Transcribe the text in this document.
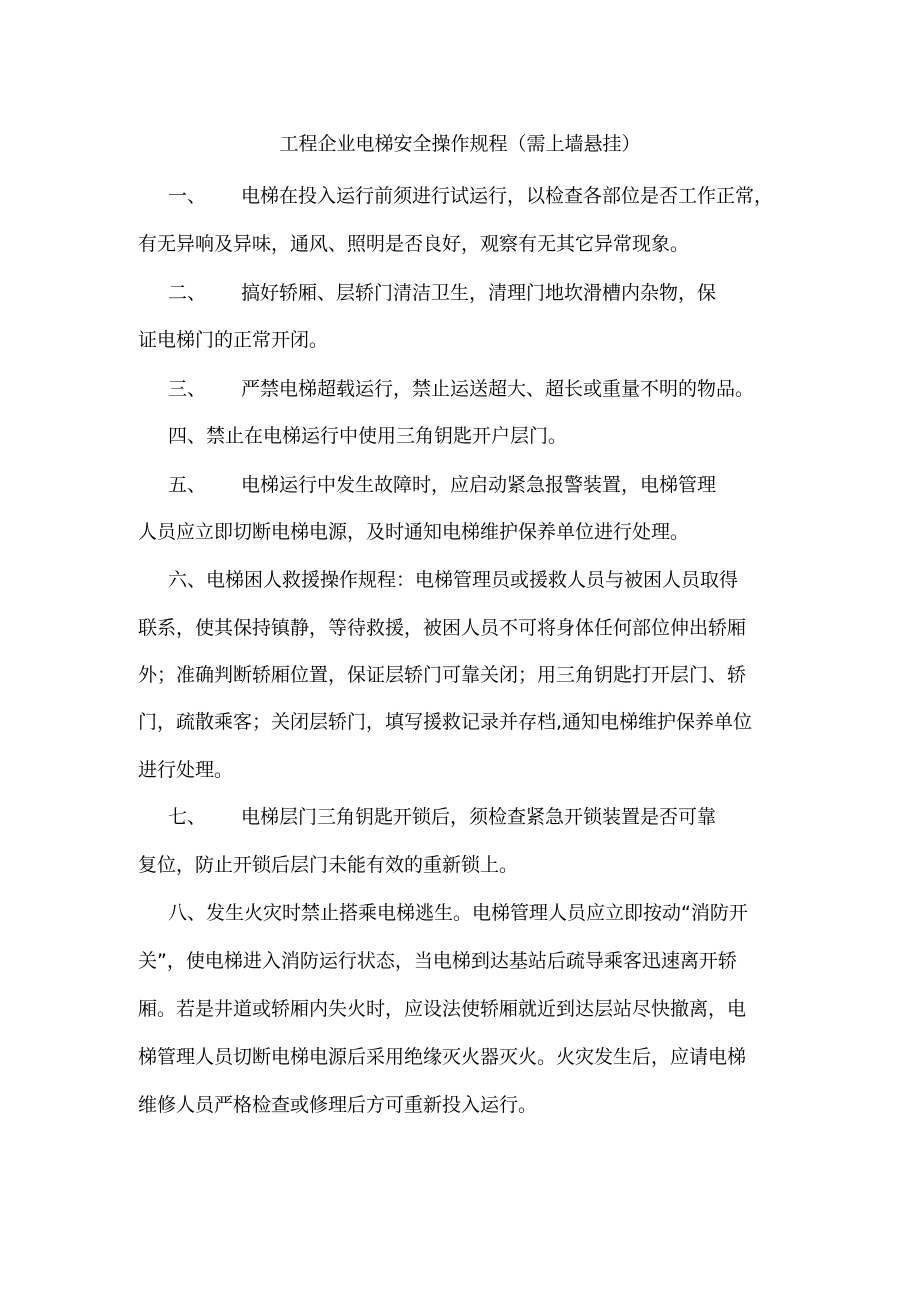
工程企业电梯安全操作规程（需上墙悬挂）
一、 电梯在投入运行前须进行试运行，以检查各部位是否工作正常，
有无异响及异味，通风、照明是否良好，观察有无其它异常现象。
二、 搞好轿厢、层轿门清洁卫生，清理门地坎滑槽内杂物，保
证电梯门的正常开闭。
三、 严禁电梯超载运行，禁止运送超大、超长或重量不明的物品。
四、禁止在电梯运行中使用三角钥匙开户层门。
五、 电梯运行中发生故障时，应启动紧急报警装置，电梯管理
人员应立即切断电梯电源，及时通知电梯维护保养单位进行处理。
六、电梯困人救援操作规程：电梯管理员或援救人员与被困人员取得
联系，使其保持镇静，等待救援，被困人员不可将身体任何部位伸出轿厢
外；准确判断轿厢位置，保证层轿门可靠关闭；用三角钥匙打开层门、轿
门，疏散乘客；关闭层轿门，填写援救记录并存档,通知电梯维护保养单位
进行处理。
七、 电梯层门三角钥匙开锁后，须检查紧急开锁装置是否可靠
复位，防止开锁后层门未能有效的重新锁上。
八、发生火灾时禁止搭乘电梯逃生。电梯管理人员应立即按动“消防开
关”，使电梯进入消防运行状态，当电梯到达基站后疏导乘客迅速离开轿
厢。若是井道或轿厢内失火时，应设法使轿厢就近到达层站尽快撤离，电
梯管理人员切断电梯电源后采用绝缘灭火器灭火。火灾发生后，应请电梯
维修人员严格检查或修理后方可重新投入运行。
